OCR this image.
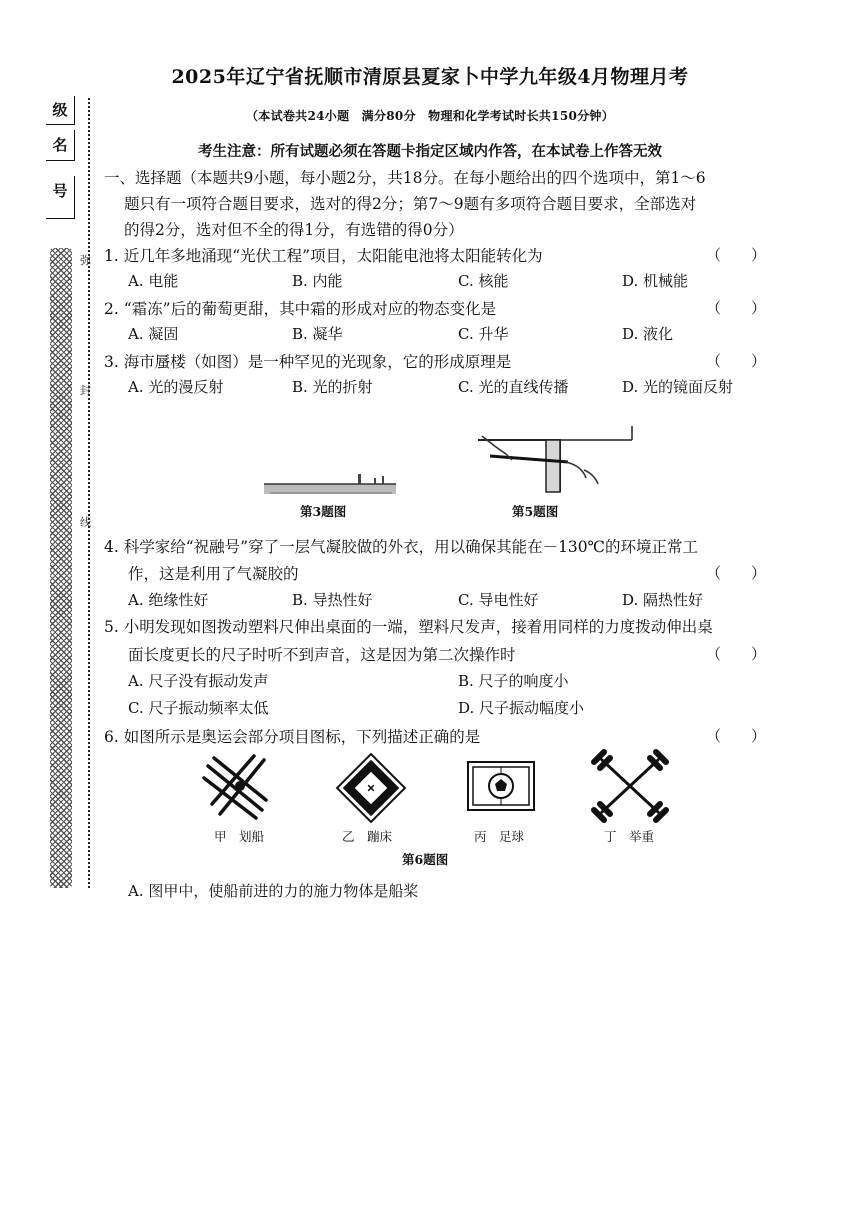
2025年辽宁省抚顺市清原县夏家卜中学九年级4月物理月考
（本试卷共24小题　满分80分　物理和化学考试时长共150分钟）
考生注意：所有试题必须在答题卡指定区域内作答，在本试卷上作答无效
级
名
号
弥
封
线
一、选择题（本题共9小题，每小题2分，共18分。在每小题给出的四个选项中，第1～6
题只有一项符合题目要求，选对的得2分；第7～9题有多项符合题目要求，全部选对
的得2分，选对但不全的得1分，有选错的得0分）
1. 近几年多地涌现“光伏工程”项目，太阳能电池将太阳能转化为	（　　）
A. 电能	B. 内能	C. 核能	D. 机械能
2. “霜冻”后的葡萄更甜，其中霜的形成对应的物态变化是	（　　）
A. 凝固	B. 凝华	C. 升华	D. 液化
3. 海市蜃楼（如图）是一种罕见的光现象，它的形成原理是	（　　）
A. 光的漫反射	B. 光的折射	C. 光的直线传播	D. 光的镜面反射
第3题图	第5题图
4. 科学家给“祝融号”穿了一层气凝胶做的外衣，用以确保其能在－130℃的环境正常工
作，这是利用了气凝胶的	（　　）
A. 绝缘性好	B. 导热性好	C. 导电性好	D. 隔热性好
5. 小明发现如图拨动塑料尺伸出桌面的一端，塑料尺发声，接着用同样的力度拨动伸出桌
面长度更长的尺子时听不到声音，这是因为第二次操作时	（　　）
A. 尺子没有振动发声	B. 尺子的响度小
C. 尺子振动频率太低	D. 尺子振动幅度小
6. 如图所示是奥运会部分项目图标，下列描述正确的是	（　　）
甲　划船	乙　蹦床	丙　足球	丁　举重
第6题图
A. 图甲中，使船前进的力的施力物体是船桨
